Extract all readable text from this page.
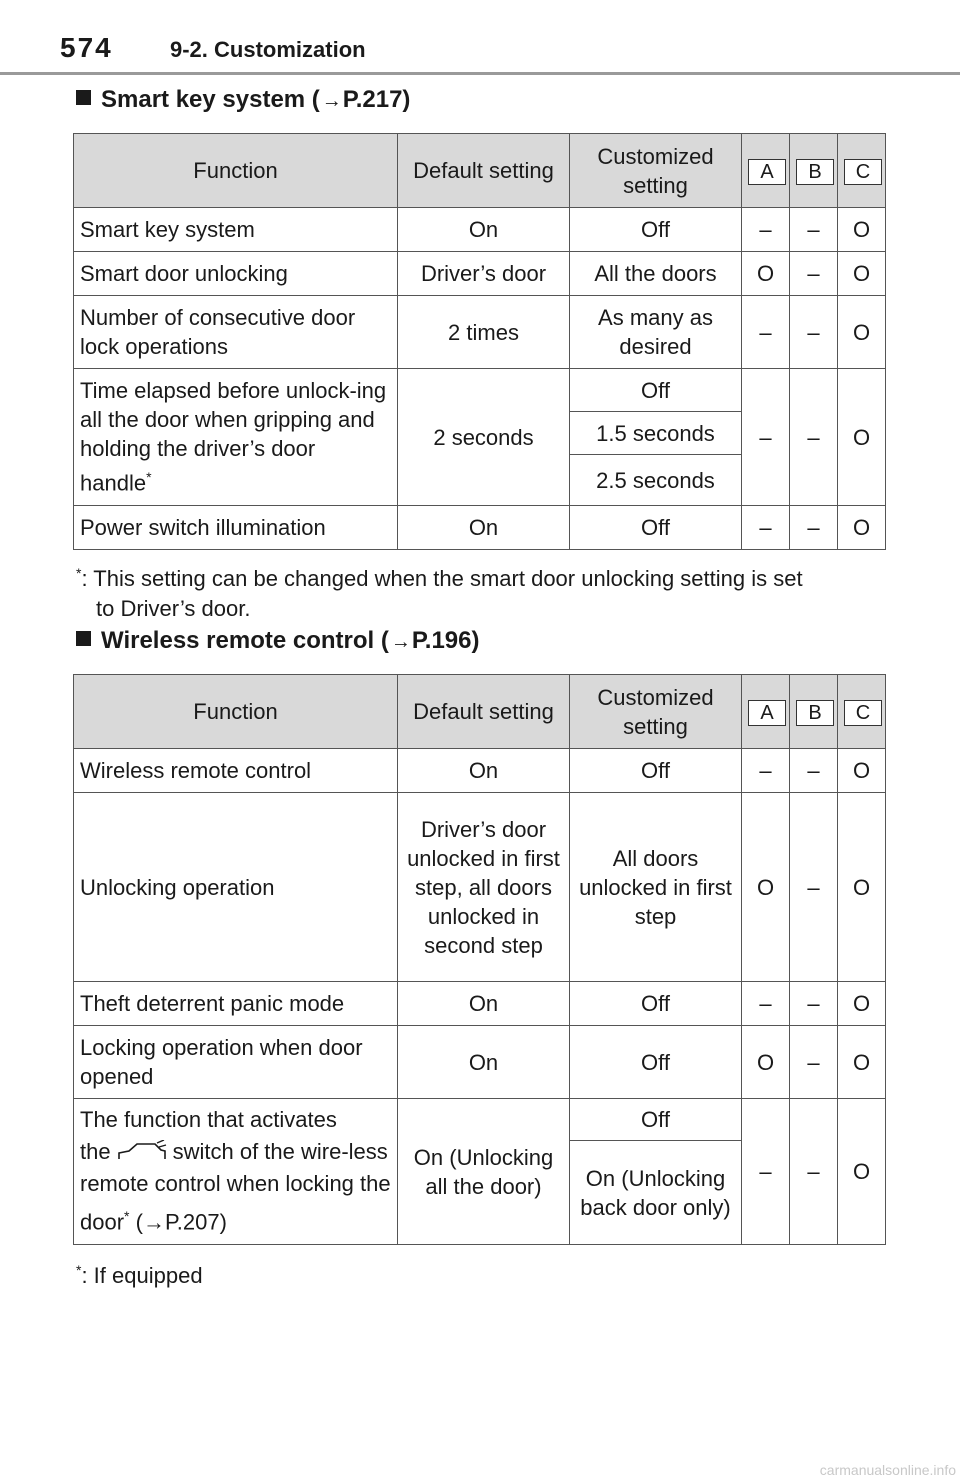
574	9-2. Customization
Smart key system ( →P.217)
Function	Default setting	Customized setting	A	B	C
Smart key system	On	Off	–	–	O
Smart door unlocking	Driver’s door	All the doors	O	–	O
Number of consecutive door lock operations	2 times	As many as desired	–	–	O
Time elapsed before unlock-ing all the door when gripping and holding the driver’s door handle*	2 seconds	Off	–	–	O
		1.5 seconds			
		2.5 seconds			
Power switch illumination	On	Off	–	–	O
*: This setting can be changed when the smart door unlocking setting is set
to Driver’s door.
Wireless remote control ( →P.196)
Function	Default setting	Customized setting	A	B	C
Wireless remote control	On	Off	–	–	O
Unlocking operation	Driver’s door unlocked in first step, all doors unlocked in second step	All doors unlocked in first step	O	–	O
Theft deterrent panic mode	On	Off	–	–	O
Locking operation when door opened	On	Off	O	–	O
The function that activates
the switch of the wire-less remote control when locking the door* (→P.207)	On (Unlocking all the door)	Off	–	–	O
		On (Unlocking back door only)			
*: If equipped
carmanualsonline.info
